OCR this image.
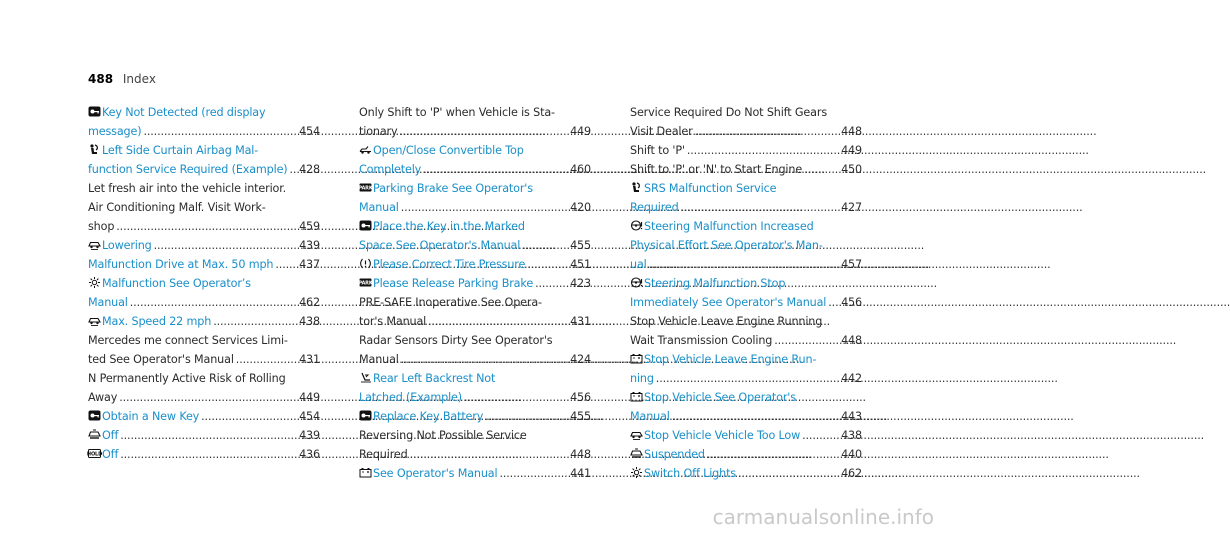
488 Index
Key Not Detected (red display
message) .....	454
Left Side Curtain Airbag Mal-
function Service Required (Example) ..... 428
Let fresh air into the vehicle interior.
Air Conditioning Malf. Visit Work-
shop .....	459
Lowering .....	439
Malfunction Drive at Max. 50 mph ..... 437
Malfunction See Operator’s
Manual .....	462
Max. Speed 22 mph .....	438
Mercedes me connect Services Limi-
ted See Operator's Manual .....	431
N Permanently Active Risk of Rolling
Away .....	449
Obtain a New Key .....	454
Off .....	439
HOLD Off .....	436
Only Shift to 'P' when Vehicle is Sta-
tionary .....	449
Open/Close Convertible Top
Completely .....	460
PARK Parking Brake See Operator's
Manual .....	420
Place the Key in the Marked
Space See Operator's Manual .....	455
Please Correct Tire Pressure .....	451
PARK Please Release Parking Brake .....	423
PRE-SAFE Inoperative See Opera-
tor's Manual .....	431
Radar Sensors Dirty See Operator's
Manual .....	424
Rear Left Backrest Not
Latched (Example) .....	456
Replace Key Battery .....	455
Reversing Not Possible Service
Required .....	448
See Operator's Manual .....	441
Service Required Do Not Shift Gears
Visit Dealer .....	448
Shift to 'P' .....	449
Shift to 'P' or 'N' to Start Engine .....	450
SRS Malfunction Service
Required .....	427
Steering Malfunction Increased
Physical Effort See Operator's Man-
ual .....	457
Steering Malfunction Stop
Immediately See Operator's Manual ..... 456
Stop Vehicle Leave Engine Running
Wait Transmission Cooling .....	448
Stop Vehicle Leave Engine Run-
ning .....	442
Stop Vehicle See Operator's
Manual .....	443
Stop Vehicle Vehicle Too Low .....	438
Suspended .....	440
Switch Off Lights .....	462
carmanualsonline.info
